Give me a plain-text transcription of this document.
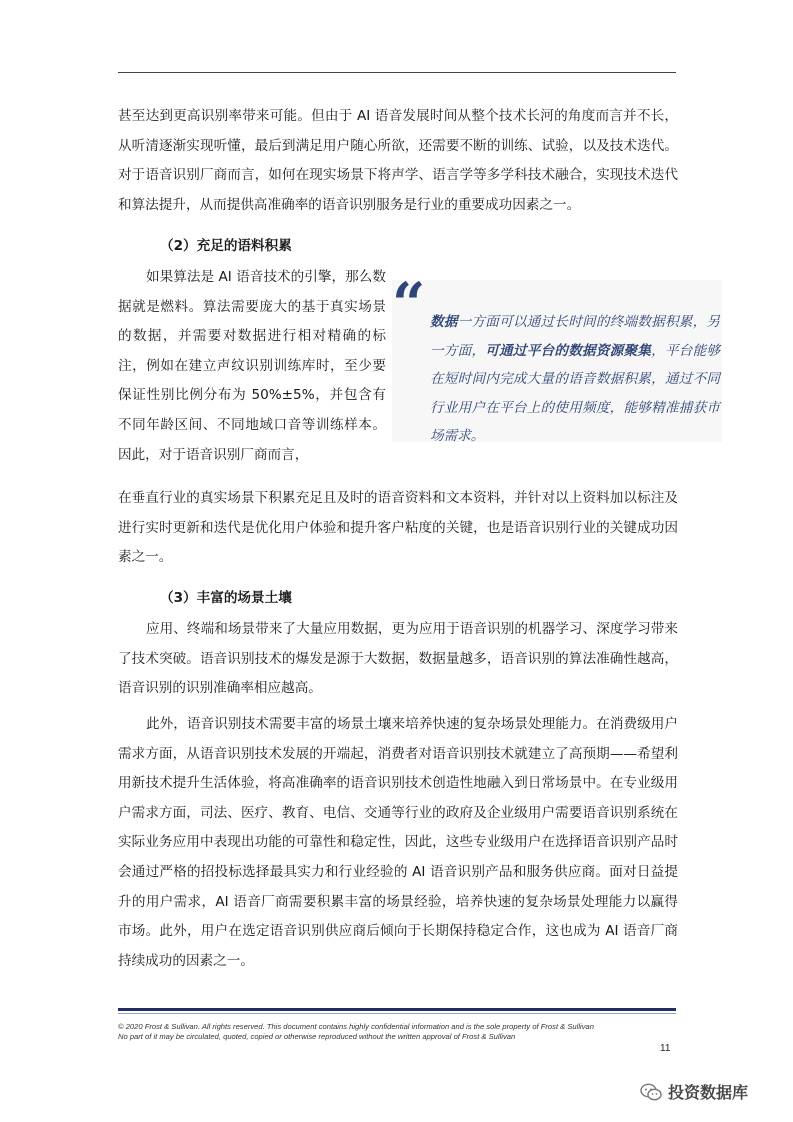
甚至达到更高识别率带来可能。但由于 AI 语音发展时间从整个技术长河的角度而言并不长，从听清逐渐实现听懂，最后到满足用户随心所欲，还需要不断的训练、试验，以及技术迭代。对于语音识别厂商而言，如何在现实场景下将声学、语言学等多学科技术融合，实现技术迭代和算法提升，从而提供高准确率的语音识别服务是行业的重要成功因素之一。

（2）充足的语料积累

如果算法是 AI 语音技术的引擎，那么数据就是燃料。算法需要庞大的基于真实场景的数据，并需要对数据进行相对精确的标注，例如在建立声纹识别训练库时，至少要保证性别比例分布为 50%±5%，并包含有不同年龄区间、不同地域口音等训练样本。因此，对于语音识别厂商而言，

“ 数据一方面可以通过长时间的终端数据积累，另一方面，可通过平台的数据资源聚集，平台能够在短时间内完成大量的语音数据积累，通过不同行业用户在平台上的使用频度，能够精准捕获市场需求。

在垂直行业的真实场景下积累充足且及时的语音资料和文本资料，并针对以上资料加以标注及进行实时更新和迭代是优化用户体验和提升客户粘度的关键，也是语音识别行业的关键成功因素之一。

（3）丰富的场景土壤

应用、终端和场景带来了大量应用数据，更为应用于语音识别的机器学习、深度学习带来了技术突破。语音识别技术的爆发是源于大数据，数据量越多，语音识别的算法准确性越高，语音识别的识别准确率相应越高。

此外，语音识别技术需要丰富的场景土壤来培养快速的复杂场景处理能力。在消费级用户需求方面，从语音识别技术发展的开端起，消费者对语音识别技术就建立了高预期——希望利用新技术提升生活体验，将高准确率的语音识别技术创造性地融入到日常场景中。在专业级用户需求方面，司法、医疗、教育、电信、交通等行业的政府及企业级用户需要语音识别系统在实际业务应用中表现出功能的可靠性和稳定性，因此，这些专业级用户在选择语音识别产品时会通过严格的招投标选择最具实力和行业经验的 AI 语音识别产品和服务供应商。面对日益提升的用户需求，AI 语音厂商需要积累丰富的场景经验，培养快速的复杂场景处理能力以赢得市场。此外，用户在选定语音识别供应商后倾向于长期保持稳定合作，这也成为 AI 语音厂商持续成功的因素之一。

© 2020 Frost & Sullivan. All rights reserved. This document contains highly confidential information and is the sole property of Frost & Sullivan
No part of it may be circulated, quoted, copied or otherwise reproduced without the written approval of Frost & Sullivan

11
投资数据库
